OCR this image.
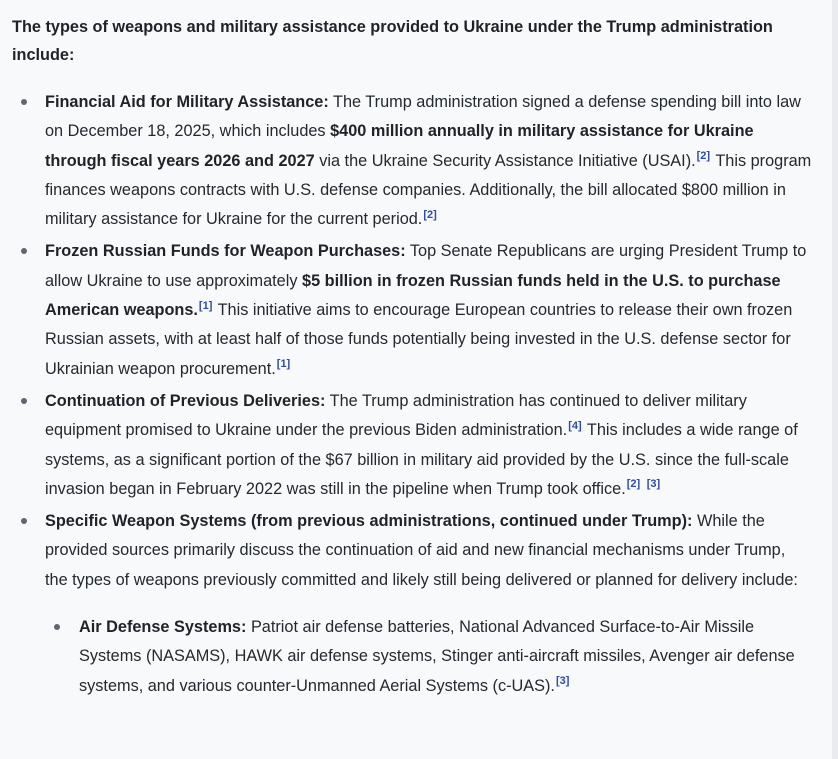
The types of weapons and military assistance provided to Ukraine under the Trump administration include:

Financial Aid for Military Assistance: The Trump administration signed a defense spending bill into law on December 18, 2025, which includes $400 million annually in military assistance for Ukraine through fiscal years 2026 and 2027 via the Ukraine Security Assistance Initiative (USAI).[2] This program finances weapons contracts with U.S. defense companies. Additionally, the bill allocated $800 million in military assistance for Ukraine for the current period.[2]
Frozen Russian Funds for Weapon Purchases: Top Senate Republicans are urging President Trump to allow Ukraine to use approximately $5 billion in frozen Russian funds held in the U.S. to purchase American weapons.[1] This initiative aims to encourage European countries to release their own frozen Russian assets, with at least half of those funds potentially being invested in the U.S. defense sector for Ukrainian weapon procurement.[1]
Continuation of Previous Deliveries: The Trump administration has continued to deliver military equipment promised to Ukraine under the previous Biden administration.[4] This includes a wide range of systems, as a significant portion of the $67 billion in military aid provided by the U.S. since the full-scale invasion began in February 2022 was still in the pipeline when Trump took office.[2] [3]
Specific Weapon Systems (from previous administrations, continued under Trump): While the provided sources primarily discuss the continuation of aid and new financial mechanisms under Trump, the types of weapons previously committed and likely still being delivered or planned for delivery include:
Air Defense Systems: Patriot air defense batteries, National Advanced Surface-to-Air Missile Systems (NASAMS), HAWK air defense systems, Stinger anti-aircraft missiles, Avenger air defense systems, and various counter-Unmanned Aerial Systems (c-UAS).[3]
